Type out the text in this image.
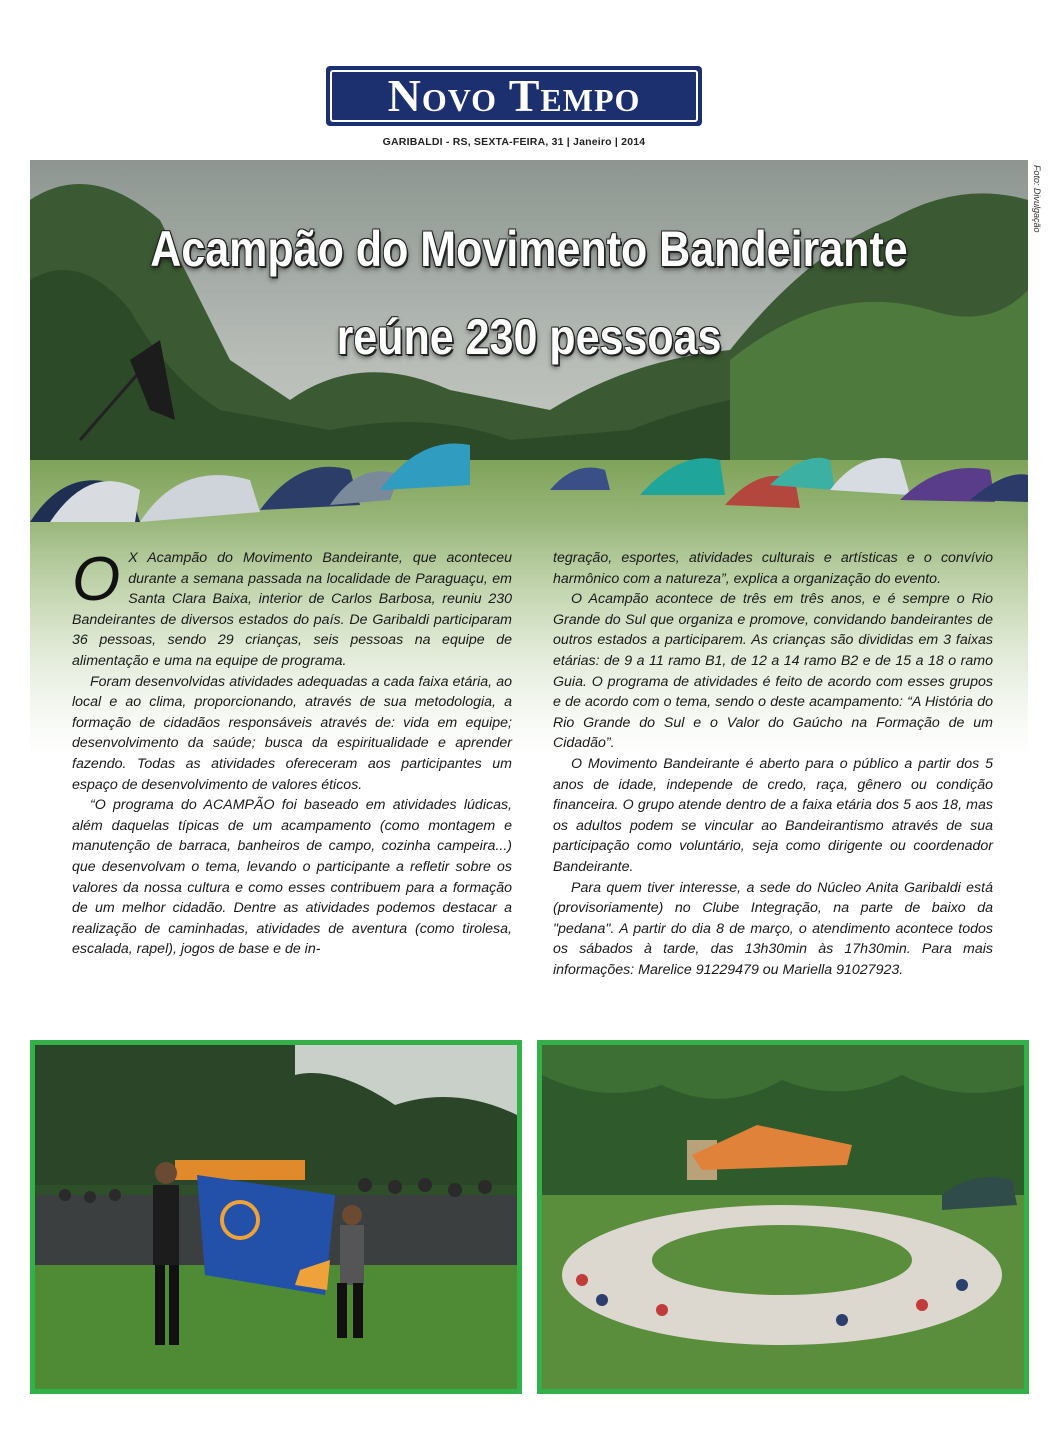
Novo Tempo
GARIBALDI - RS, SEXTA-FEIRA, 31 | Janeiro | 2014
Foto: Divulgação
Acampão do Movimento Bandeirante
reúne 230 pessoas
O X Acampão do Movimento Bandeirante, que aconteceu durante a semana passada na localidade de Paraguaçu, em Santa Clara Baixa, interior de Carlos Barbosa, reuniu 230 Bandeirantes de diversos estados do país. De Garibaldi participaram 36 pessoas, sendo 29 crianças, seis pessoas na equipe de alimentação e uma na equipe de programa.

Foram desenvolvidas atividades adequadas a cada faixa etária, ao local e ao clima, proporcionando, através de sua metodologia, a formação de cidadãos responsáveis através de: vida em equipe; desenvolvimento da saúde; busca da espiritualidade e aprender fazendo. Todas as atividades ofereceram aos participantes um espaço de desenvolvimento de valores éticos.

“O programa do ACAMPÃO foi baseado em atividades lúdicas, além daquelas típicas de um acampamento (como montagem e manutenção de barraca, banheiros de campo, cozinha campeira...) que desenvolvam o tema, levando o participante a refletir sobre os valores da nossa cultura e como esses contribuem para a formação de um melhor cidadão. Dentre as atividades podemos destacar a realização de caminhadas, atividades de aventura (como tirolesa, escalada, rapel), jogos de base e de in-

tegração, esportes, atividades culturais e artísticas e o convívio harmônico com a natureza”, explica a organização do evento.

O Acampão acontece de três em três anos, e é sempre o Rio Grande do Sul que organiza e promove, convidando bandeirantes de outros estados a participarem. As crianças são divididas em 3 faixas etárias: de 9 a 11 ramo B1, de 12 a 14 ramo B2 e de 15 a 18 o ramo Guia. O programa de atividades é feito de acordo com esses grupos e de acordo com o tema, sendo o deste acampamento: “A História do Rio Grande do Sul e o Valor do Gaúcho na Formação de um Cidadão”.

O Movimento Bandeirante é aberto para o público a partir dos 5 anos de idade, independe de credo, raça, gênero ou condição financeira. O grupo atende dentro de a faixa etária dos 5 aos 18, mas os adultos podem se vincular ao Bandeirantismo através de sua participação como voluntário, seja como dirigente ou coordenador Bandeirante.

Para quem tiver interesse, a sede do Núcleo Anita Garibaldi está (provisoriamente) no Clube Integração, na parte de baixo da "pedana". A partir do dia 8 de março, o atendimento acontece todos os sábados à tarde, das 13h30min às 17h30min. Para mais informações: Marelice 91229479 ou Mariella 91027923.
